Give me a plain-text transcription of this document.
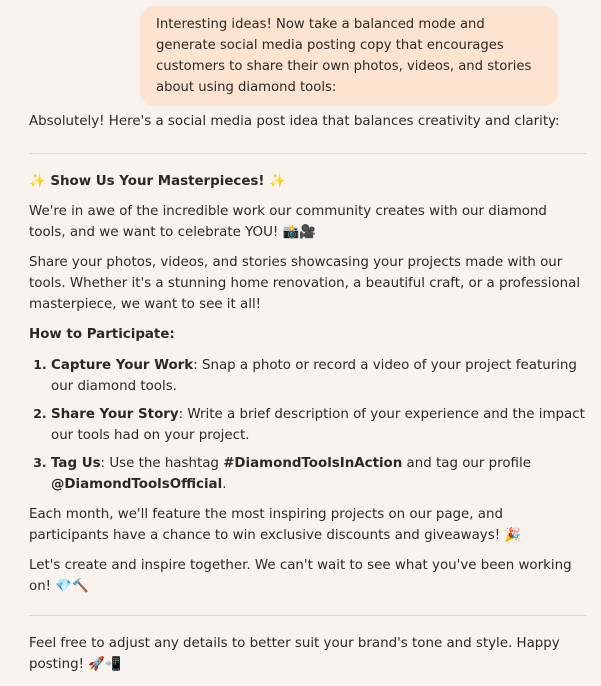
Interesting ideas! Now take a balanced mode and generate social media posting copy that encourages customers to share their own photos, videos, and stories about using diamond tools:

Absolutely! Here's a social media post idea that balances creativity and clarity:

✨ Show Us Your Masterpieces! ✨

We're in awe of the incredible work our community creates with our diamond tools, and we want to celebrate YOU! 📸🎥

Share your photos, videos, and stories showcasing your projects made with our tools. Whether it's a stunning home renovation, a beautiful craft, or a professional masterpiece, we want to see it all!

How to Participate:

1. Capture Your Work: Snap a photo or record a video of your project featuring our diamond tools.
2. Share Your Story: Write a brief description of your experience and the impact our tools had on your project.
3. Tag Us: Use the hashtag #DiamondToolsInAction and tag our profile @DiamondToolsOfficial.

Each month, we'll feature the most inspiring projects on our page, and participants have a chance to win exclusive discounts and giveaways! 🎉

Let's create and inspire together. We can't wait to see what you've been working on! 💎🔨

Feel free to adjust any details to better suit your brand's tone and style. Happy posting! 🚀📲
